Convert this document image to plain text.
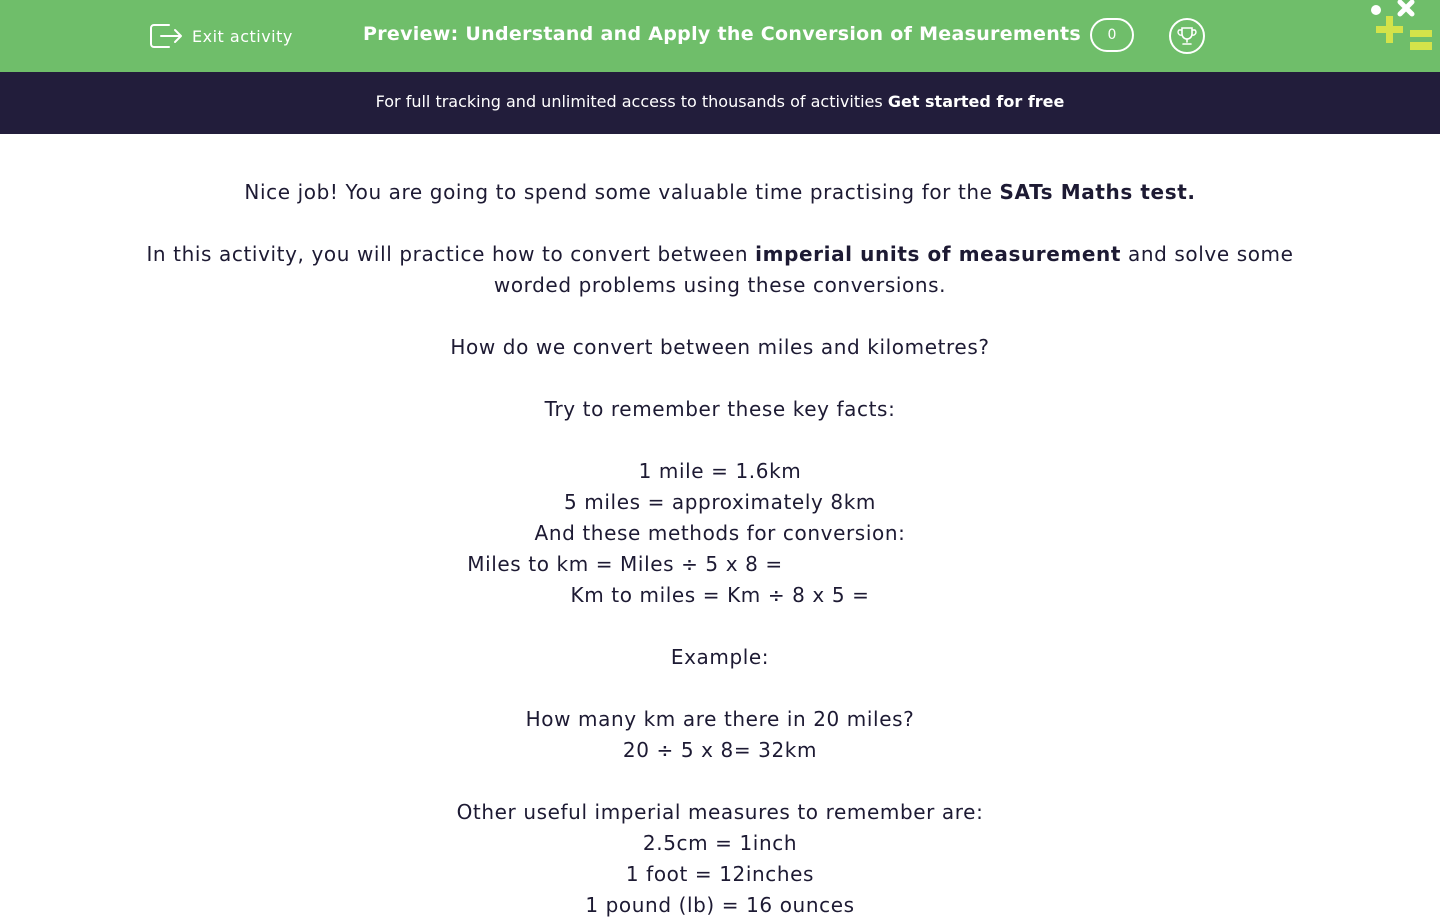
Exit activity	Preview: Understand and Apply the Conversion of Measurements	0
For full tracking and unlimited access to thousands of activities Get started for free

Nice job! You are going to spend some valuable time practising for the SATs Maths test.

In this activity, you will practice how to convert between imperial units of measurement and solve some worded problems using these conversions.

How do we convert between miles and kilometres?

Try to remember these key facts:

1 mile = 1.6km

5 miles = approximately 8km

And these methods for conversion:

Miles to km = Miles ÷ 5 x 8 =

Km to miles = Km ÷ 8 x 5 =

Example:

How many km are there in 20 miles?

20 ÷ 5 x 8= 32km

Other useful imperial measures to remember are:

2.5cm = 1inch

1 foot = 12inches

1 pound (lb) = 16 ounces
